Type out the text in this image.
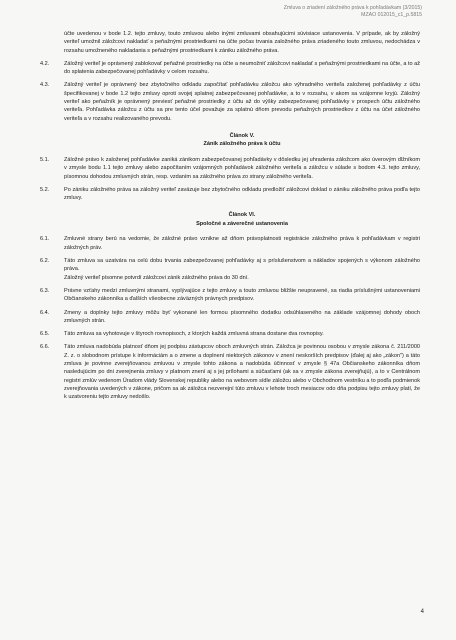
Zmluva o zriadení záložného práva k pohľadávkam (3/2015)
MZAO 012015_c1_p.5815
účte uvedenou v bode 1.2. tejto zmluvy, touto zmluvou alebo inými zmluvami obsahujúcimi súvisiace ustanovenia. V prípade, ak by záložný veriteľ umožnil záložcovi nakladať s peňažnými prostriedkami na účte počas trvania založného práva zriadeného touto zmluvou, nedochádza v rozsahu umožneného nakladania s peňažnými prostriedkami k zániku záložného práva.
4.2.	Záložný veriteľ je oprávnený zablokovať peňažné prostriedky na účte a neumožniť záložcovi nakladať s peňažnými prostriedkami na účte, a to až do splatenia zabezpečovanej pohľadávky v celom rozsahu.
4.3.	Záložný veriteľ je oprávnený bez zbytočného odkladu započítať pohľadávku záložcu ako výhradného veriteľa založenej pohľadávky z účtu špecifikovanej v bode 1.2 tejto zmluvy oproti svojej splatnej zabezpečovanej pohľadávke, a to v rozsahu, v akom sa vzájomne kryjú. Záložný veriteľ ako peňažník je oprávnený previesť peňažné prostriedky z účtu až do výšky zabezpečovanej pohľadávky v prospech účtu záložného veriteľa. Pohľadávka záložcu z účtu sa pre tento účel považuje za splatnú dňom prevodu peňažných prostriedkov z účtu na účet záložného veriteľa a v rozsahu realizovaného prevodu.
Článok V.
Zánik záložného práva k účtu
5.1.	Záložné právo k založenej pohľadávke zaniká zánikom zabezpečovanej pohľadávky v dôsledku jej uhradenia záložcom ako úverovým dlžníkom v zmysle bodu 1.1 tejto zmluvy alebo započítaním vzájomných pohľadávok záložného veriteľa a záložcu v súlade s bodom 4.3. tejto zmluvy, písomnou dohodou zmluvných strán, resp. vzdaním sa záložného práva zo strany záložného veriteľa.
5.2.	Po zániku záložného práva sa záložný veriteľ zaväzuje bez zbytočného odkladu predložiť záložcovi doklad o zániku záložného práva podľa tejto zmluvy.
Článok VI.
Spoločné a záverečné ustanovenia
6.1.	Zmluvné strany berú na vedomie, že záložné právo vznikne až dňom právoplatnosti registrácie záložného práva k pohľadávkam v registri záložných práv.
6.2.	Táto zmluva sa uzatvára na celú dobu trvania zabezpečovanej pohľadávky aj s príslušenstvom a nákladov spojených s výkonom záložného práva.
Záložný veriteľ písomne potvrdí záložcovi zánik záložného práva do 30 dní.
6.3.	Právne vzťahy medzi zmluvnými stranami, vyplývajúce z tejto zmluvy a touto zmluvou bližšie neupravené, sa riadia príslušnými ustanoveniami Občianskeho zákonníka a ďalších všeobecne záväzných právnych predpisov.
6.4.	Zmeny a doplnky tejto zmluvy môžu byť vykonané len formou písomného dodatku odsúhlaseného na základe vzájomnej dohody oboch zmluvných strán.
6.5.	Táto zmluva sa vyhotovuje v štyroch rovnopisoch, z ktorých každá zmluvná strana dostane dva rovnopisy.
6.6.	Táto zmluva nadobúda platnosť dňom jej podpisu zástupcov oboch zmluvných strán. Záložca je povinnou osobou v zmysle zákona č. 211/2000 Z. z. o slobodnom prístupe k informáciám a o zmene a doplnení niektorých zákonov v znení neskorších predpisov (ďalej aj ako „zákon") a táto zmluva je povinne zverejňovanou zmluvou v zmysle tohto zákona a nadobúda účinnosť v zmysle § 47a Občianskeho zákonníka dňom nasledujúcim po dni zverejnenia zmluvy v platnom znení aj s jej prílohami a súčasťami (ak sa v zmysle zákona zverejňujú), a to v Centrálnom registri zmlúv vedenom Úradom vlády Slovenskej republiky alebo na webovom sídle záložcu alebo v Obchodnom vestníku a to podľa podmienok zverejňovania uvedených v zákone, pričom sa ak záložca nezverejní túto zmluvu v lehote troch mesiacov odo dňa podpisu tejto zmluvy platí, že k uzatvoreniu tejto zmluvy nedošlo.
4
